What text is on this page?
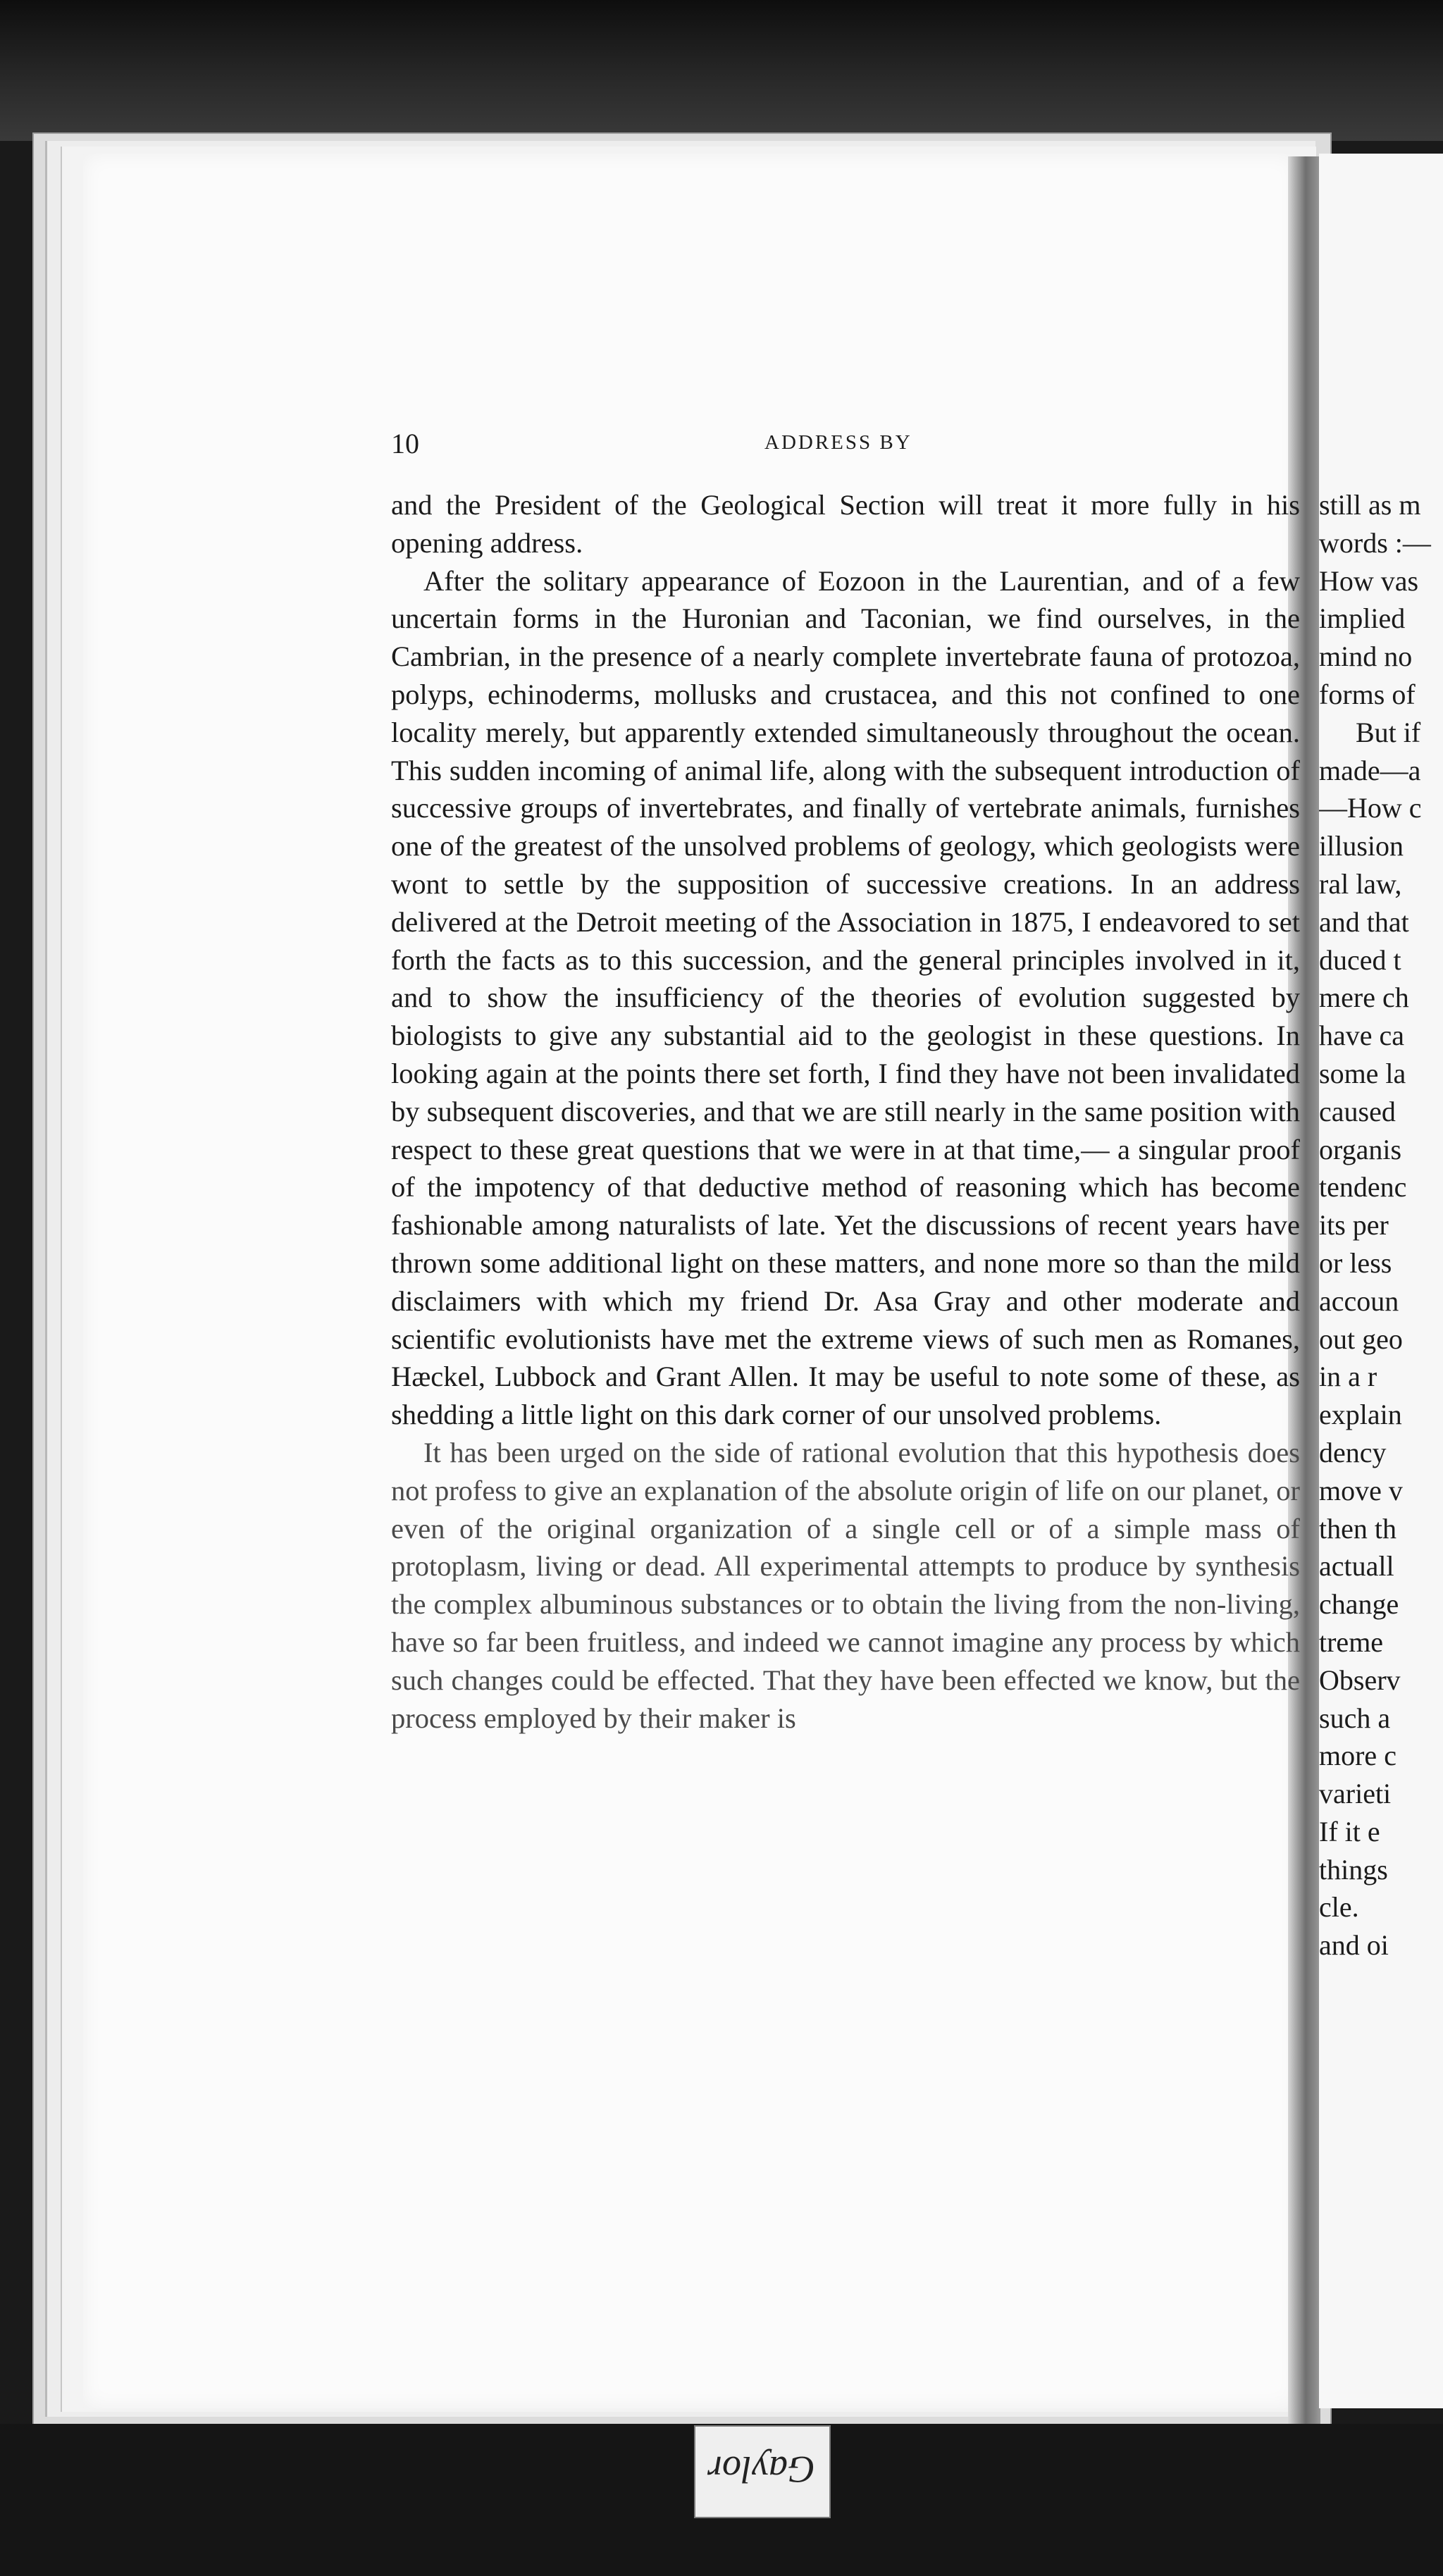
10	ADDRESS BY

and the President of the Geological Section will treat it more fully in his opening address.

After the solitary appearance of Eozoon in the Laurentian, and of a few uncertain forms in the Huronian and Taconian, we find ourselves, in the Cambrian, in the presence of a nearly complete invertebrate fauna of protozoa, polyps, echinoderms, mollusks and crustacea, and this not confined to one locality merely, but apparently extended simultaneously throughout the ocean. This sudden incoming of animal life, along with the subsequent introduction of successive groups of invertebrates, and finally of vertebrate animals, furnishes one of the greatest of the unsolved problems of geology, which geologists were wont to settle by the supposition of successive creations. In an address delivered at the Detroit meeting of the Association in 1875, I endeavored to set forth the facts as to this succession, and the general principles involved in it, and to show the insufficiency of the theories of evolution suggested by biologists to give any substantial aid to the geologist in these questions. In looking again at the points there set forth, I find they have not been invalidated by subsequent discoveries, and that we are still nearly in the same position with respect to these great questions that we were in at that time,— a singular proof of the impotency of that deductive method of reasoning which has become fashionable among naturalists of late. Yet the discussions of recent years have thrown some additional light on these matters, and none more so than the mild disclaimers with which my friend Dr. Asa Gray and other moderate and scientific evolutionists have met the extreme views of such men as Romanes, Hæckel, Lubbock and Grant Allen. It may be useful to note some of these, as shedding a little light on this dark corner of our unsolved problems.

It has been urged on the side of rational evolution that this hypothesis does not profess to give an explanation of the absolute origin of life on our planet, or even of the original organization of a single cell or of a simple mass of protoplasm, living or dead. All experimental attempts to produce by synthesis the complex albuminous substances or to obtain the living from the non-living, have so far been fruitless, and indeed we cannot imagine any process by which such changes could be effected. That they have been effected we know, but the process employed by their maker is

still as m
words :—
How vas
implied
mind no
forms of
But if
made—a
—How c
illusion
ral law,
and that
duced t
mere ch
have ca
some la
caused
organis
tendenc
its per
or less
accoun
out geo
in a r
explain
dency
move v
then th
actuall
change
treme
Observ
such a
more c
varieti
If it e
things
cle.
and oi
Gaylor
